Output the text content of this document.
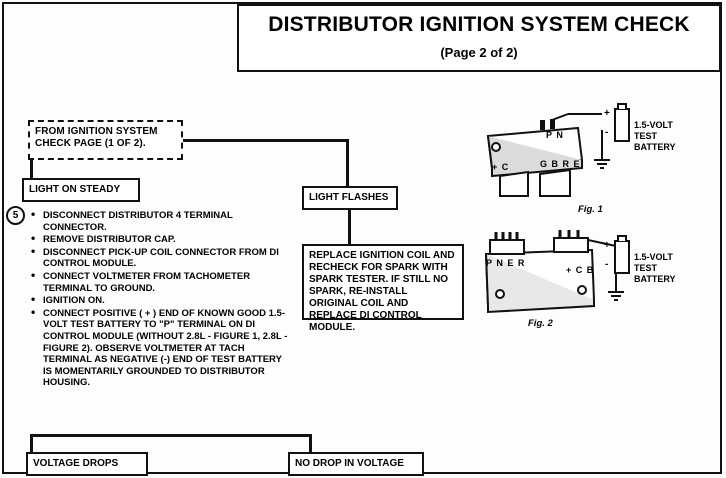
DISTRIBUTOR IGNITION SYSTEM CHECK
(Page 2 of 2)
FROM IGNITION SYSTEM CHECK PAGE (1 OF 2).
LIGHT ON STEADY
LIGHT FLASHES
5	• DISCONNECT DISTRIBUTOR 4 TERMINAL CONNECTOR.
• REMOVE DISTRIBUTOR CAP.
• DISCONNECT PICK-UP COIL CONNECTOR FROM DI CONTROL MODULE.
• CONNECT VOLTMETER FROM TACHOMETER TERMINAL TO GROUND.
• IGNITION ON.
• CONNECT POSITIVE ( + ) END OF KNOWN GOOD 1.5-VOLT TEST BATTERY TO "P" TERMINAL ON DI CONTROL MODULE (WITHOUT 2.8L - FIGURE 1, 2.8L - FIGURE 2). OBSERVE VOLTMETER AT TACH TERMINAL AS NEGATIVE (-) END OF TEST BATTERY IS MOMENTARILY GROUNDED TO DISTRIBUTOR HOUSING.
REPLACE IGNITION COIL AND RECHECK FOR SPARK WITH SPARK TESTER. IF STILL NO SPARK, RE-INSTALL ORIGINAL COIL AND REPLACE DI CONTROL MODULE.
VOLTAGE DROPS	NO DROP IN VOLTAGE
+
-
1.5-VOLT TEST BATTERY
P N
G B R E
+ C
Fig. 1
+
-
1.5-VOLT TEST BATTERY
P N E R
+ C B
Fig. 2
